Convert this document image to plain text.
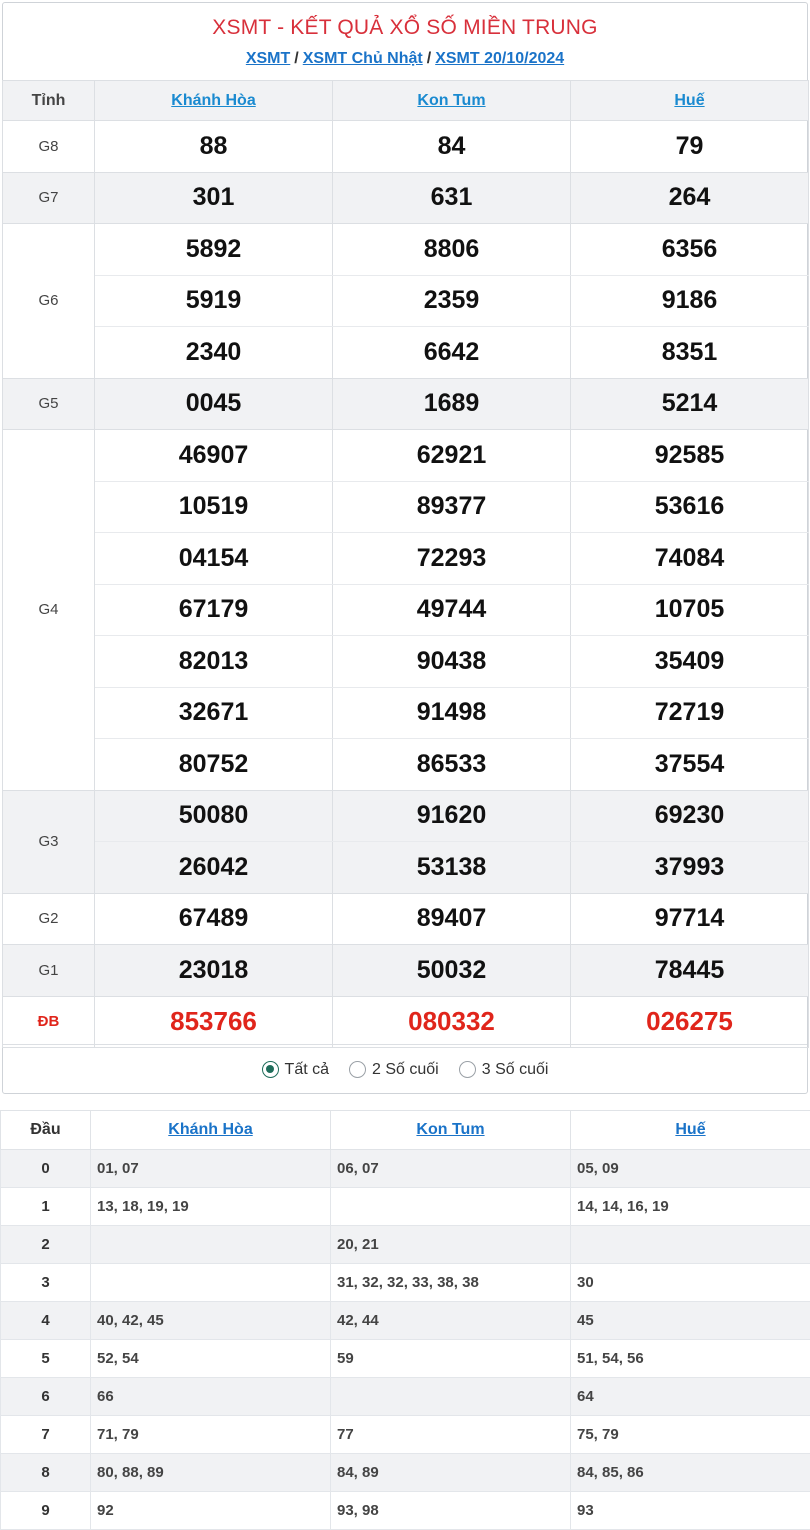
XSMT - KẾT QUẢ XỔ SỐ MIỀN TRUNG
XSMT / XSMT Chủ Nhật / XSMT 20/10/2024
Tỉnh	Khánh Hòa	Kon Tum	Huế
G8	88	84	79
G7	301	631	264
G6	5892	8806	6356
	5919	2359	9186
	2340	6642	8351
G5	0045	1689	5214
G4	46907	62921	92585
	10519	89377	53616
	04154	72293	74084
	67179	49744	10705
	82013	90438	35409
	32671	91498	72719
	80752	86533	37554
G3	50080	91620	69230
	26042	53138	37993
G2	67489	89407	97714
G1	23018	50032	78445
ĐB	853766	080332	026275
Tất cả	2 Số cuối	3 Số cuối
Đầu	Khánh Hòa	Kon Tum	Huế
0	01, 07	06, 07	05, 09
1	13, 18, 19, 19		14, 14, 16, 19
2		20, 21	
3		31, 32, 32, 33, 38, 38	30
4	40, 42, 45	42, 44	45
5	52, 54	59	51, 54, 56
6	66		64
7	71, 79	77	75, 79
8	80, 88, 89	84, 89	84, 85, 86
9	92	93, 98	93
